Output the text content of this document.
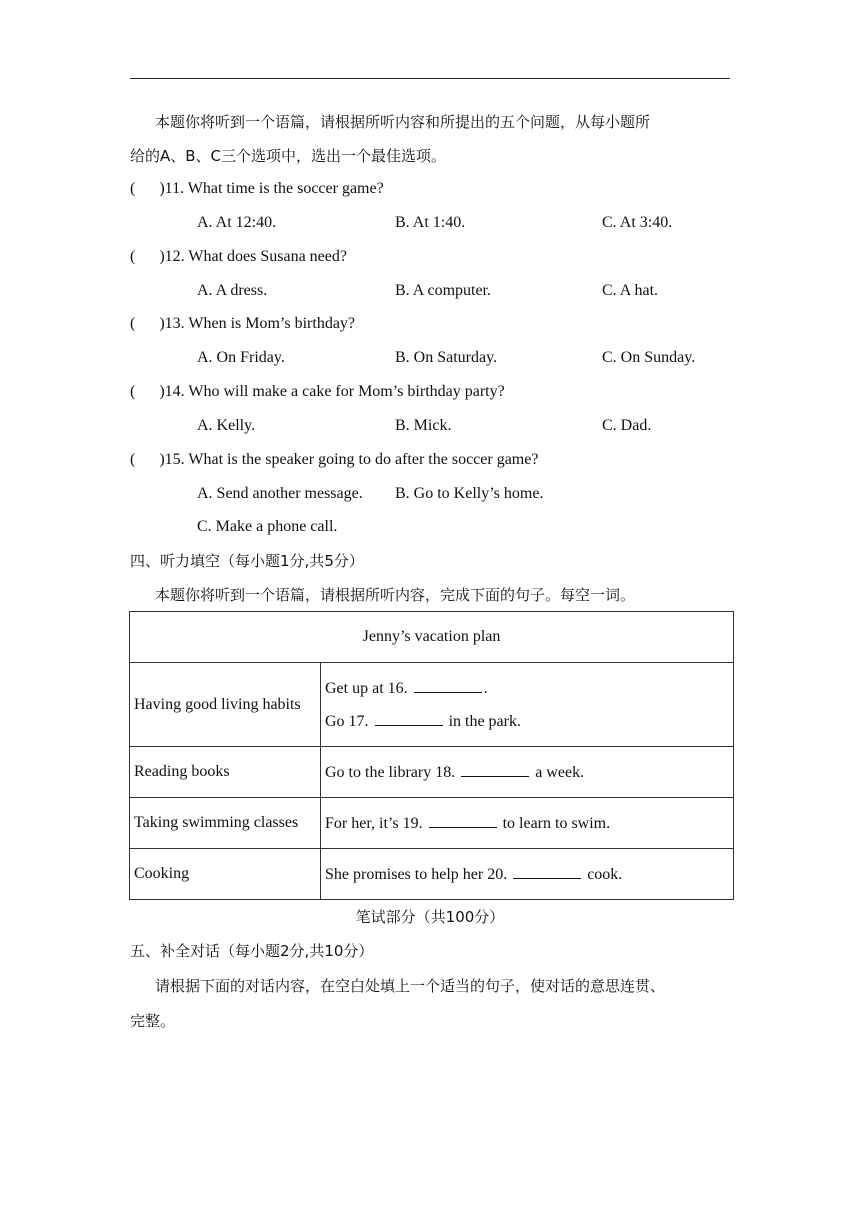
本题你将听到一个语篇，请根据所听内容和所提出的五个问题，从每小题所
给的A、B、C三个选项中，选出一个最佳选项。
(      )11. What time is the soccer game?
A. At 12:40.	B. At 1:40.	C. At 3:40.
(      )12. What does Susana need?
A. A dress.	B. A computer.	C. A hat.
(      )13. When is Mom’s birthday?
A. On Friday.	B. On Saturday.	C. On Sunday.
(      )14. Who will make a cake for Mom’s birthday party?
A. Kelly.	B. Mick.	C. Dad.
(      )15. What is the speaker going to do after the soccer game?
A. Send another message. B. Go to Kelly’s home.
C. Make a phone call.
四、听力填空（每小题1分,共5分）
本题你将听到一个语篇，请根据所听内容，完成下面的句子。每空一词。
Jenny’s vacation plan	
Having good living habits	Get up at 16. .
Go 17. in the park.

Reading books	Go to the library 18. a week.
Taking swimming classes	For her, it’s 19. to learn to swim.
Cooking	She promises to help her 20. cook.
笔试部分（共100分）
五、补全对话（每小题2分,共10分）
请根据下面的对话内容，在空白处填上一个适当的句子，使对话的意思连贯、
完整。
